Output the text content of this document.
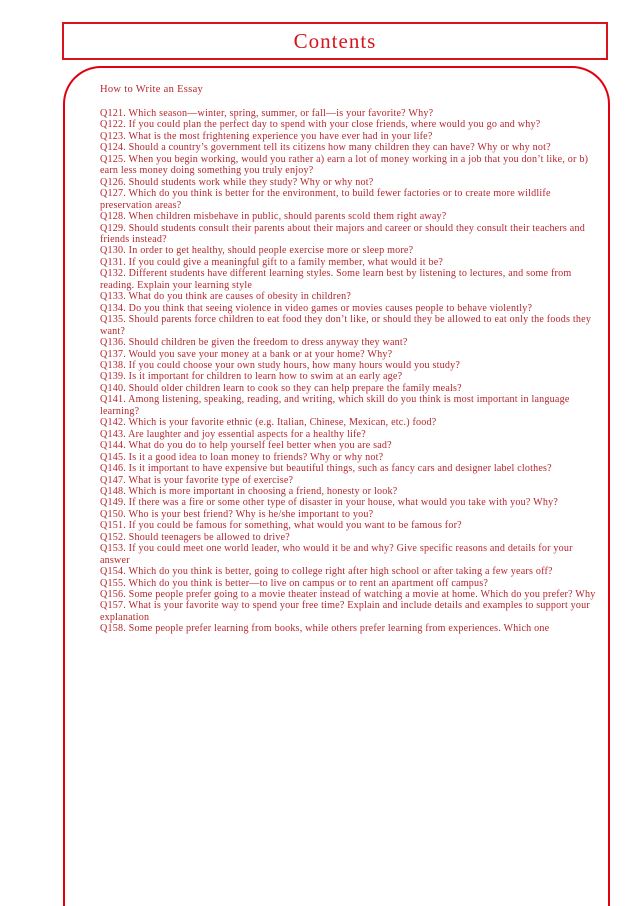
Contents
How to Write an Essay

Q121. Which season—winter, spring, summer, or fall—is your favorite? Why?

Q122. If you could plan the perfect day to spend with your close friends, where would you go and why?

Q123. What is the most frightening experience you have ever had in your life?

Q124. Should a country’s government tell its citizens how many children they can have? Why or why not?

Q125. When you begin working, would you rather a) earn a lot of money working in a job that you don’t like, or b) earn less money doing something you truly enjoy?

Q126. Should students work while they study? Why or why not?

Q127. Which do you think is better for the environment, to build fewer factories or to create more wildlife preservation areas?

Q128. When children misbehave in public, should parents scold them right away?

Q129. Should students consult their parents about their majors and career or should they consult their teachers and friends instead?

Q130. In order to get healthy, should people exercise more or sleep more?

Q131. If you could give a meaningful gift to a family member, what would it be?

Q132. Different students have different learning styles. Some learn best by listening to lectures, and some from reading. Explain your learning style

Q133. What do you think are causes of obesity in children?

Q134. Do you think that seeing violence in video games or movies causes people to behave violently?

Q135. Should parents force children to eat food they don’t like, or should they be allowed to eat only the foods they want?

Q136. Should children be given the freedom to dress anyway they want?

Q137. Would you save your money at a bank or at your home? Why?

Q138. If you could choose your own study hours, how many hours would you study?

Q139. Is it important for children to learn how to swim at an early age?

Q140. Should older children learn to cook so they can help prepare the family meals?

Q141. Among listening, speaking, reading, and writing, which skill do you think is most important in language learning?

Q142. Which is your favorite ethnic (e.g. Italian, Chinese, Mexican, etc.) food?

Q143. Are laughter and joy essential aspects for a healthy life?

Q144. What do you do to help yourself feel better when you are sad?

Q145. Is it a good idea to loan money to friends? Why or why not?

Q146. Is it important to have expensive but beautiful things, such as fancy cars and designer label clothes?

Q147. What is your favorite type of exercise?

Q148. Which is more important in choosing a friend, honesty or look?

Q149. If there was a fire or some other type of disaster in your house, what would you take with you? Why?

Q150. Who is your best friend? Why is he/she important to you?

Q151. If you could be famous for something, what would you want to be famous for?

Q152. Should teenagers be allowed to drive?

Q153. If you could meet one world leader, who would it be and why? Give specific reasons and details for your answer

Q154. Which do you think is better, going to college right after high school or after taking a few years off?

Q155. Which do you think is better—to live on campus or to rent an apartment off campus?

Q156. Some people prefer going to a movie theater instead of watching a movie at home. Which do you prefer? Why

Q157. What is your favorite way to spend your free time? Explain and include details and examples to support your explanation

Q158. Some people prefer learning from books, while others prefer learning from experiences. Which one
